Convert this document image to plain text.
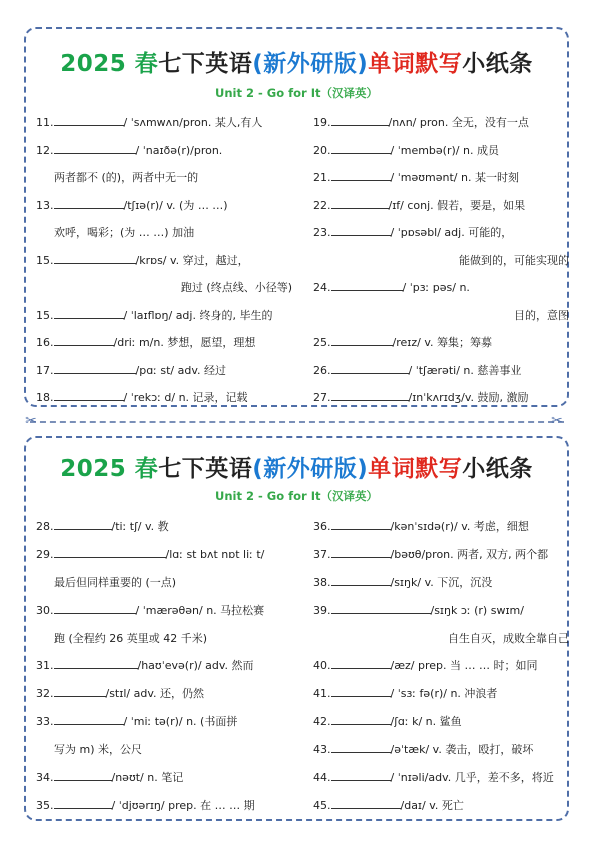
2025 春七下英语(新外研版)单词默写小纸条
Unit 2 - Go for It（汉译英）
11.	/ ˈsʌmwʌn/pron. 某人,有人
12.	/ ˈnaɪðə(r)/pron.
两者都不 (的)，两者中无一的
13.	/tʃɪə(r)/ v. (为 … …)
欢呼，喝彩；(为 … …) 加油
15.	/krɒs/ v. 穿过，越过，
跑过 (终点线、小径等)
15.	/ ˈlaɪflɒŋ/ adj. 终身的, 毕生的
16.	/driː m/n. 梦想，愿望，理想
17.	/pɑː st/ adv. 经过
18.	/ ˈrekɔː d/ n. 记录，记载
19.	/nʌn/ pron. 全无，没有一点
20.	/ ˈmembə(r)/ n. 成员
21.	/ ˈməʊmənt/ n. 某一时刻
22.	/ɪf/ conj. 假若，要是，如果
23.	/ ˈpɒsəbl/ adj. 可能的，
能做到的，可能实现的
24.	/ ˈpɜː pəs/ n.
目的，意图
25.	/reɪz/ v. 筹集；筹募
26.	/ ˈtʃærəti/ n. 慈善事业
27.	/ɪnˈkʌrɪdʒ/v. 鼓励, 激励
✂	✂
2025 春七下英语(新外研版)单词默写小纸条
Unit 2 - Go for It（汉译英）
28.	/tiː tʃ/ v. 教
29.	/lɑː st bʌt nɒt liː t/
最后但同样重要的 (一点)
30.	/ ˈmærəθən/ n. 马拉松赛
跑 (全程约 26 英里或 42 千米)
31.	/haʊˈevə(r)/ adv. 然而
32.	/stɪl/ adv. 还，仍然
33.	/ ˈmiː tə(r)/ n. (书面拼
写为 m) 米，公尺
34.	/nəʊt/ n. 笔记
35.	/ ˈdjʊərɪŋ/ prep. 在 … … 期
36.	/kənˈsɪdə(r)/ v. 考虑，细想
37.	/bəʊθ/pron. 两者, 双方, 两个都
38.	/sɪŋk/ v. 下沉，沉没
39.	/sɪŋk ɔː (r) swɪm/
自生自灭，成败全靠自己
40.	/æz/ prep. 当 … … 时；如同
41.	/ ˈsɜː fə(r)/ n. 冲浪者
42.	/ʃɑː k/ n. 鲨鱼
43.	/əˈtæk/ v. 袭击，殴打，破坏
44.	/ ˈnɪəli/adv. 几乎，差不多，将近
45.	/daɪ/ v. 死亡
